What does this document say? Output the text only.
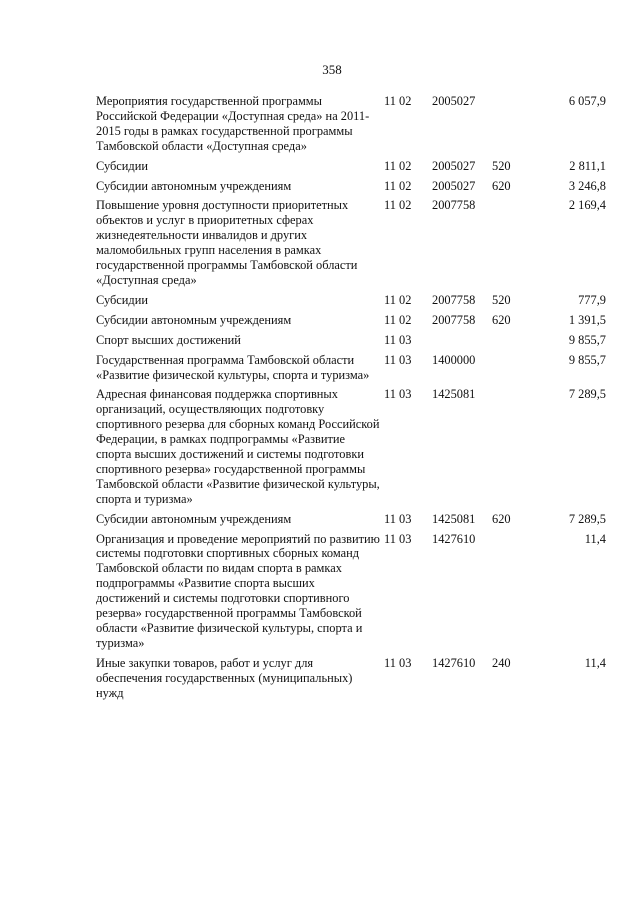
358
Мероприятия государственной программы Российской Федерации «Доступная среда» на 2011-2015 годы в рамках государственной программы Тамбовской области «Доступная среда»	11 02	2005027		6 057,9
Субсидии	11 02	2005027	520	2 811,1
Субсидии автономным учреждениям	11 02	2005027	620	3 246,8
Повышение уровня доступности приоритетных объектов и услуг в приоритетных сферах жизнедеятельности инвалидов и других маломобильных групп населения в рамках государственной программы Тамбовской области «Доступная среда»	11 02	2007758		2 169,4
Субсидии	11 02	2007758	520	777,9
Субсидии автономным учреждениям	11 02	2007758	620	1 391,5
Спорт высших достижений	11 03			9 855,7
Государственная программа Тамбовской области «Развитие физической культуры, спорта и туризма»	11 03	1400000		9 855,7
Адресная финансовая поддержка спортивных организаций, осуществляющих подготовку спортивного резерва для сборных команд Российской Федерации, в рамках подпрограммы «Развитие спорта высших достижений и системы подготовки спортивного резерва» государственной программы Тамбовской области «Развитие физической культуры, спорта и туризма»	11 03	1425081		7 289,5
Субсидии автономным учреждениям	11 03	1425081	620	7 289,5
Организация и проведение мероприятий по развитию системы подготовки спортивных сборных команд Тамбовской области по видам спорта в рамках подпрограммы «Развитие спорта высших достижений и системы подготовки спортивного резерва» государственной программы Тамбовской области «Развитие физической культуры, спорта и туризма»	11 03	1427610		11,4
Иные закупки товаров, работ и услуг для обеспечения государственных (муниципальных) нужд	11 03	1427610	240	11,4
